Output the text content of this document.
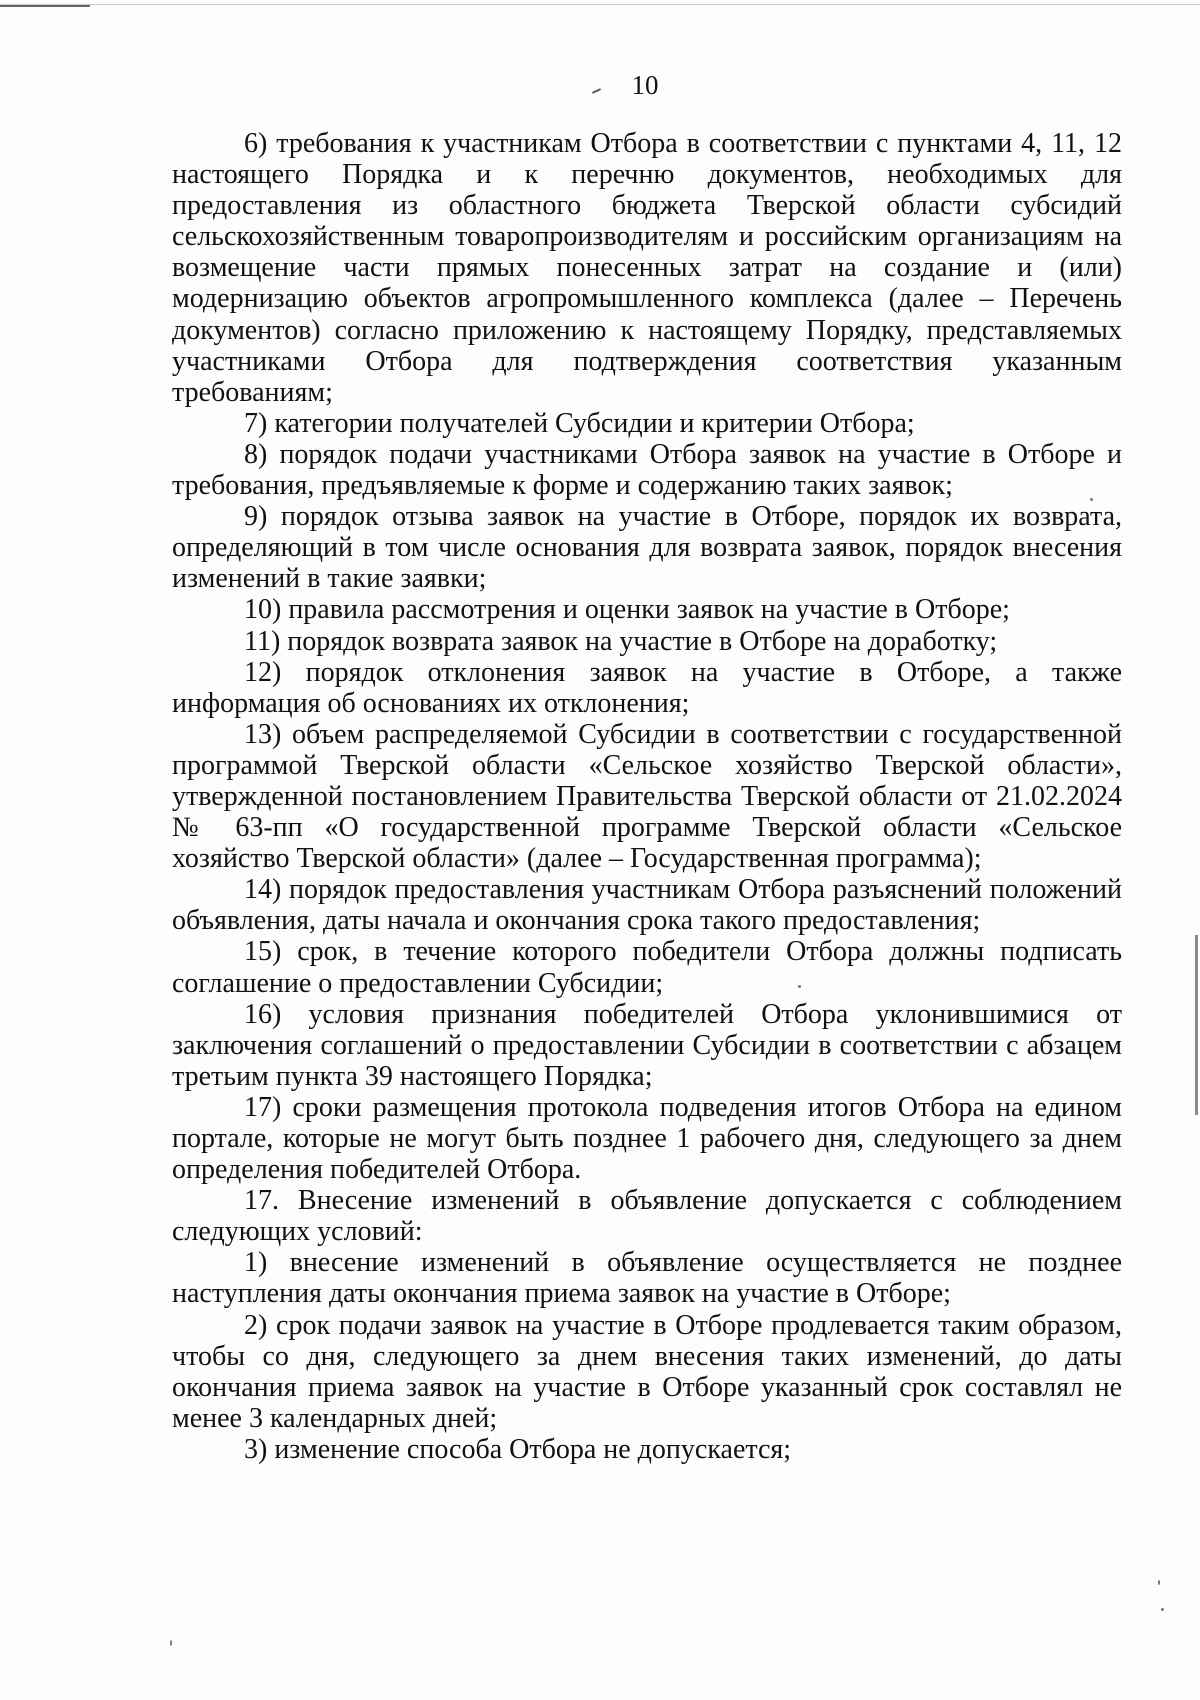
10

6) требования к участникам Отбора в соответствии с пунктами 4, 11, 12 настоящего Порядка и к перечню документов, необходимых для предоставления из областного бюджета Тверской области субсидий сельскохозяйственным товаропроизводителям и российским организациям на возмещение части прямых понесенных затрат на создание и (или) модернизацию объектов агропромышленного комплекса (далее – Перечень документов) согласно приложению к настоящему Порядку, представляемых участниками Отбора для подтверждения соответствия указанным требованиям;

7) категории получателей Субсидии и критерии Отбора;

8) порядок подачи участниками Отбора заявок на участие в Отборе и требования, предъявляемые к форме и содержанию таких заявок;

9) порядок отзыва заявок на участие в Отборе, порядок их возврата, определяющий в том числе основания для возврата заявок, порядок внесения изменений в такие заявки;

10) правила рассмотрения и оценки заявок на участие в Отборе;

11) порядок возврата заявок на участие в Отборе на доработку;

12) порядок отклонения заявок на участие в Отборе, а также информация об основаниях их отклонения;

13) объем распределяемой Субсидии в соответствии с государственной программой Тверской области «Сельское хозяйство Тверской области», утвержденной постановлением Правительства Тверской области от 21.02.2024 № 63-пп «О государственной программе Тверской области «Сельское хозяйство Тверской области» (далее – Государственная программа);

14) порядок предоставления участникам Отбора разъяснений положений объявления, даты начала и окончания срока такого предоставления;

15) срок, в течение которого победители Отбора должны подписать соглашение о предоставлении Субсидии;

16) условия признания победителей Отбора уклонившимися от заключения соглашений о предоставлении Субсидии в соответствии с абзацем третьим пункта 39 настоящего Порядка;

17) сроки размещения протокола подведения итогов Отбора на едином портале, которые не могут быть позднее 1 рабочего дня, следующего за днем определения победителей Отбора.

17. Внесение изменений в объявление допускается с соблюдением следующих условий:

1) внесение изменений в объявление осуществляется не позднее наступления даты окончания приема заявок на участие в Отборе;

2) срок подачи заявок на участие в Отборе продлевается таким образом, чтобы со дня, следующего за днем внесения таких изменений, до даты окончания приема заявок на участие в Отборе указанный срок составлял не менее 3 календарных дней;

3) изменение способа Отбора не допускается;
